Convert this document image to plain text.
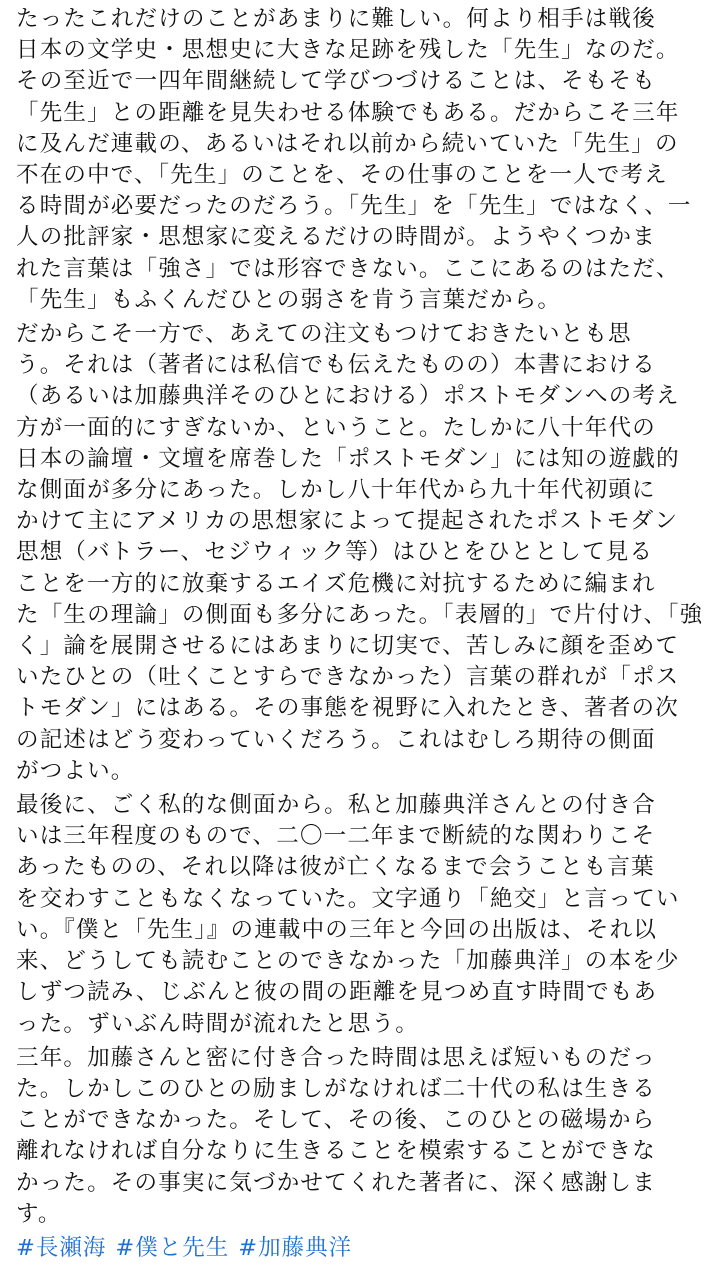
たったこれだけのことがあまりに難しい。何より相手は戦後
日本の文学史・思想史に大きな足跡を残した「先生」なのだ。
その至近で一四年間継続して学びつづけることは、そもそも
「先生」との距離を見失わせる体験でもある。だからこそ三年
に及んだ連載の、あるいはそれ以前から続いていた「先生」の
不在の中で、「先生」のことを、その仕事のことを一人で考え
る時間が必要だったのだろう。「先生」を「先生」ではなく、一
人の批評家・思想家に変えるだけの時間が。ようやくつかま
れた言葉は「強さ」では形容できない。ここにあるのはただ、
「先生」もふくんだひとの弱さを肯う言葉だから。
だからこそ一方で、あえての注文もつけておきたいとも思
う。それは（著者には私信でも伝えたものの）本書における
（あるいは加藤典洋そのひとにおける）ポストモダンへの考え
方が一面的にすぎないか、ということ。たしかに八十年代の
日本の論壇・文壇を席巻した「ポストモダン」には知の遊戯的
な側面が多分にあった。しかし八十年代から九十年代初頭に
かけて主にアメリカの思想家によって提起されたポストモダン
思想（バトラー、セジウィック等）はひとをひととして見る
ことを一方的に放棄するエイズ危機に対抗するために編まれ
た「生の理論」の側面も多分にあった。「表層的」で片付け、「強
く」論を展開させるにはあまりに切実で、苦しみに顔を歪めて
いたひとの（吐くことすらできなかった）言葉の群れが「ポス
トモダン」にはある。その事態を視野に入れたとき、著者の次
の記述はどう変わっていくだろう。これはむしろ期待の側面
がつよい。
最後に、ごく私的な側面から。私と加藤典洋さんとの付き合
いは三年程度のもので、二〇一二年まで断続的な関わりこそ
あったものの、それ以降は彼が亡くなるまで会うことも言葉
を交わすこともなくなっていた。文字通り「絶交」と言ってい
い。『僕と「先生」』の連載中の三年と今回の出版は、それ以
来、どうしても読むことのできなかった「加藤典洋」の本を少
しずつ読み、じぶんと彼の間の距離を見つめ直す時間でもあ
った。ずいぶん時間が流れたと思う。
三年。加藤さんと密に付き合った時間は思えば短いものだっ
た。しかしこのひとの励ましがなければ二十代の私は生きる
ことができなかった。そして、その後、このひとの磁場から
離れなければ自分なりに生きることを模索することができな
かった。その事実に気づかせてくれた著者に、深く感謝しま
す。
#長瀬海 #僕と先生 #加藤典洋
